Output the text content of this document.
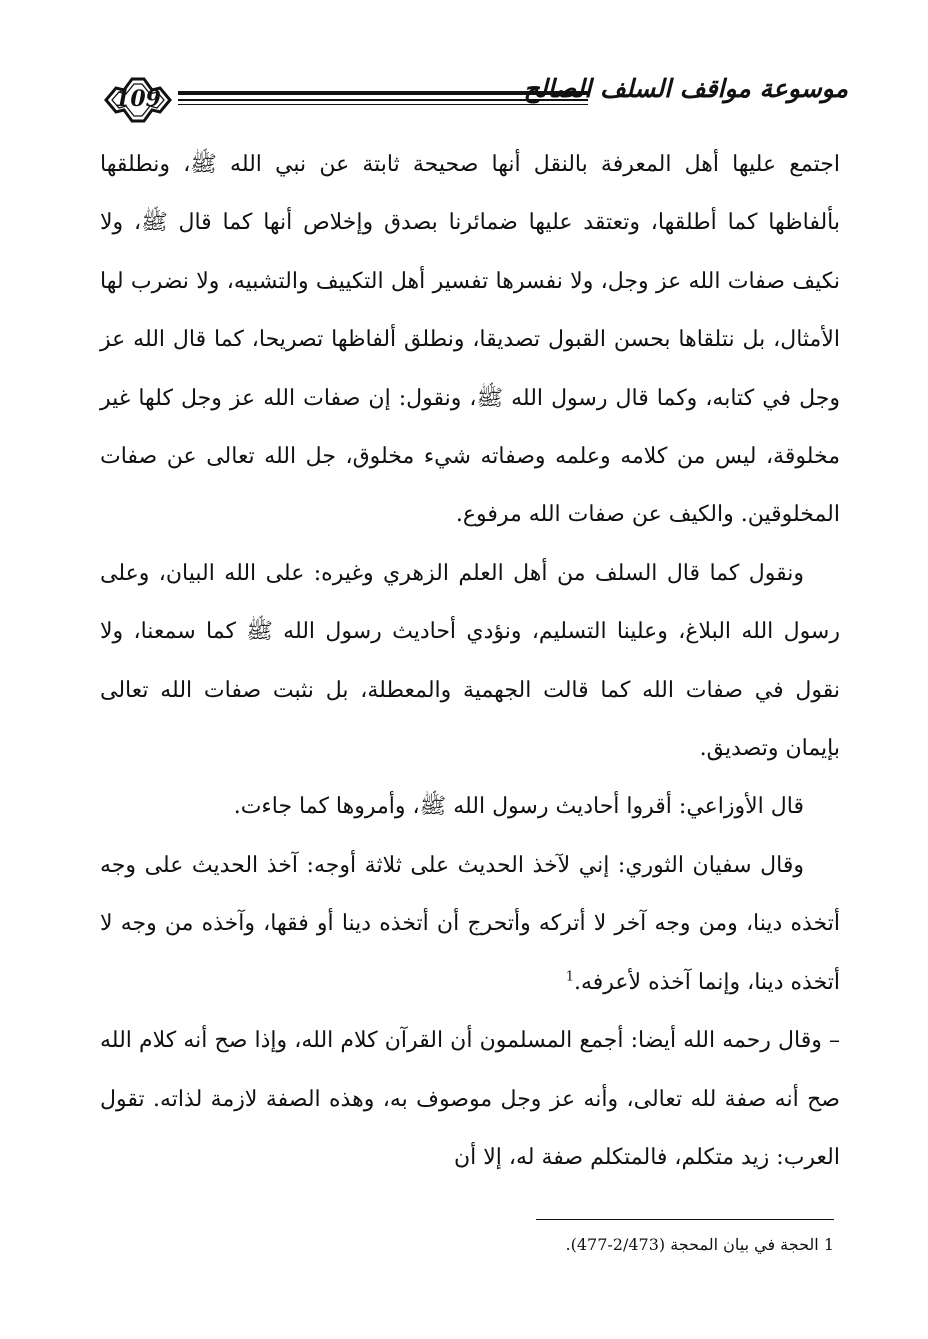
109	موسوعة مواقف السلف الصالح

اجتمع عليها أهل المعرفة بالنقل أنها صحيحة ثابتة عن نبي الله ﷺ، ونطلقها بألفاظها كما أطلقها، وتعتقد عليها ضمائرنا بصدق وإخلاص أنها كما قال ﷺ، ولا نكيف صفات الله عز وجل، ولا نفسرها تفسير أهل التكييف والتشبيه، ولا نضرب لها الأمثال، بل نتلقاها بحسن القبول تصديقا، ونطلق ألفاظها تصريحا، كما قال الله عز وجل في كتابه، وكما قال رسول الله ﷺ، ونقول: إن صفات الله عز وجل كلها غير مخلوقة، ليس من كلامه وعلمه وصفاته شيء مخلوق، جل الله تعالى عن صفات المخلوقين. والكيف عن صفات الله مرفوع.

ونقول كما قال السلف من أهل العلم الزهري وغيره: على الله البيان، وعلى رسول الله البلاغ، وعلينا التسليم، ونؤدي أحاديث رسول الله ﷺ كما سمعنا، ولا نقول في صفات الله كما قالت الجهمية والمعطلة، بل نثبت صفات الله تعالى بإيمان وتصديق.

قال الأوزاعي: أقروا أحاديث رسول الله ﷺ، وأمروها كما جاءت.

وقال سفيان الثوري: إني لآخذ الحديث على ثلاثة أوجه: آخذ الحديث على وجه أتخذه دينا، ومن وجه آخر لا أتركه وأتحرج أن أتخذه دينا أو فقها، وآخذه من وجه لا أتخذه دينا، وإنما آخذه لأعرفه.$^1$

– وقال رحمه الله أيضا: أجمع المسلمون أن القرآن كلام الله، وإذا صح أنه كلام الله صح أنه صفة لله تعالى، وأنه عز وجل موصوف به، وهذه الصفة لازمة لذاته. تقول العرب: زيد متكلم، فالمتكلم صفة له، إلا أن

1 الحجة في بيان المحجة (2/473-477).
